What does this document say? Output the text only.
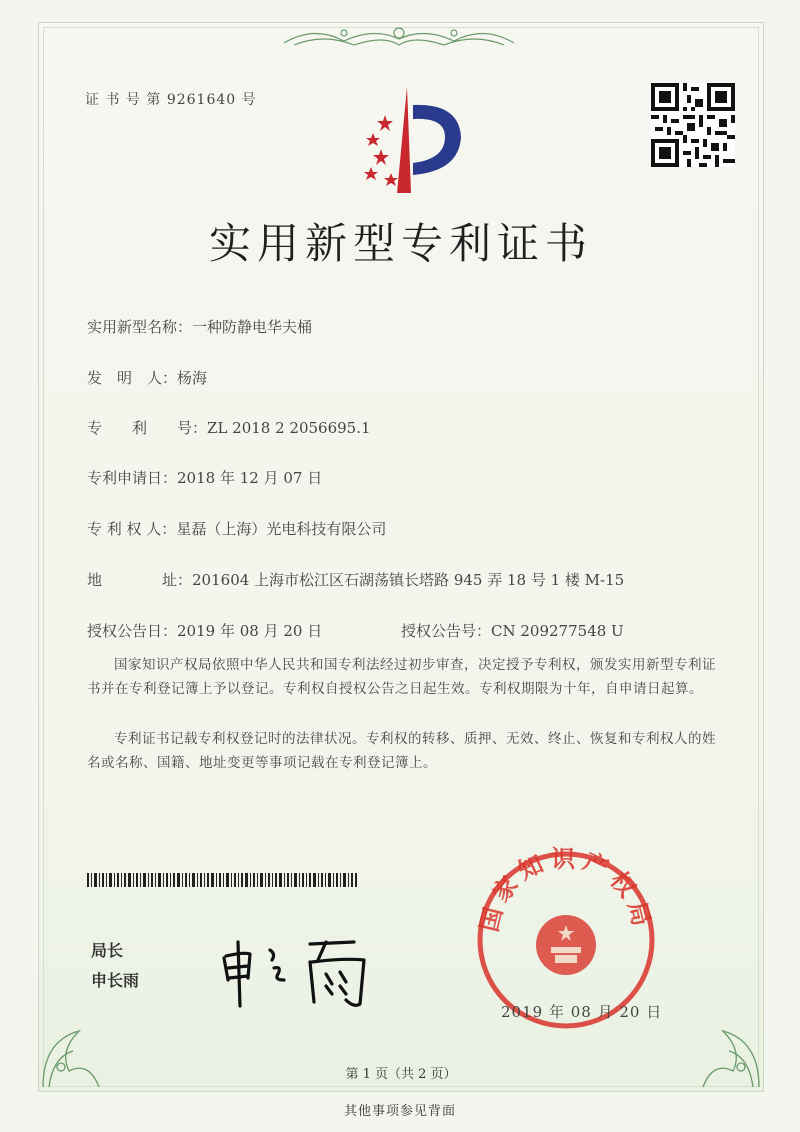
证 书 号 第 9261640 号
实用新型专利证书
实用新型名称：一种防静电华夫桶
发　明　人：杨海
专　　利　　号：ZL 2018 2 2056695.1
专利申请日：2018 年 12 月 07 日
专 利 权 人：星磊（上海）光电科技有限公司
地　　　　址：201604 上海市松江区石湖荡镇长塔路 945 弄 18 号 1 楼 M-15
授权公告日：2019 年 08 月 20 日	授权公告号：CN 209277548 U
国家知识产权局依照中华人民共和国专利法经过初步审查，决定授予专利权，颁发实用新型专利证书并在专利登记簿上予以登记。专利权自授权公告之日起生效。专利权期限为十年，自申请日起算。
专利证书记载专利权登记时的法律状况。专利权的转移、质押、无效、终止、恢复和专利权人的姓名或名称、国籍、地址变更等事项记载在专利登记簿上。
局长
申长雨
国家知识产权局
2019 年 08 月 20 日
第 1 页（共 2 页）
其他事项参见背面
